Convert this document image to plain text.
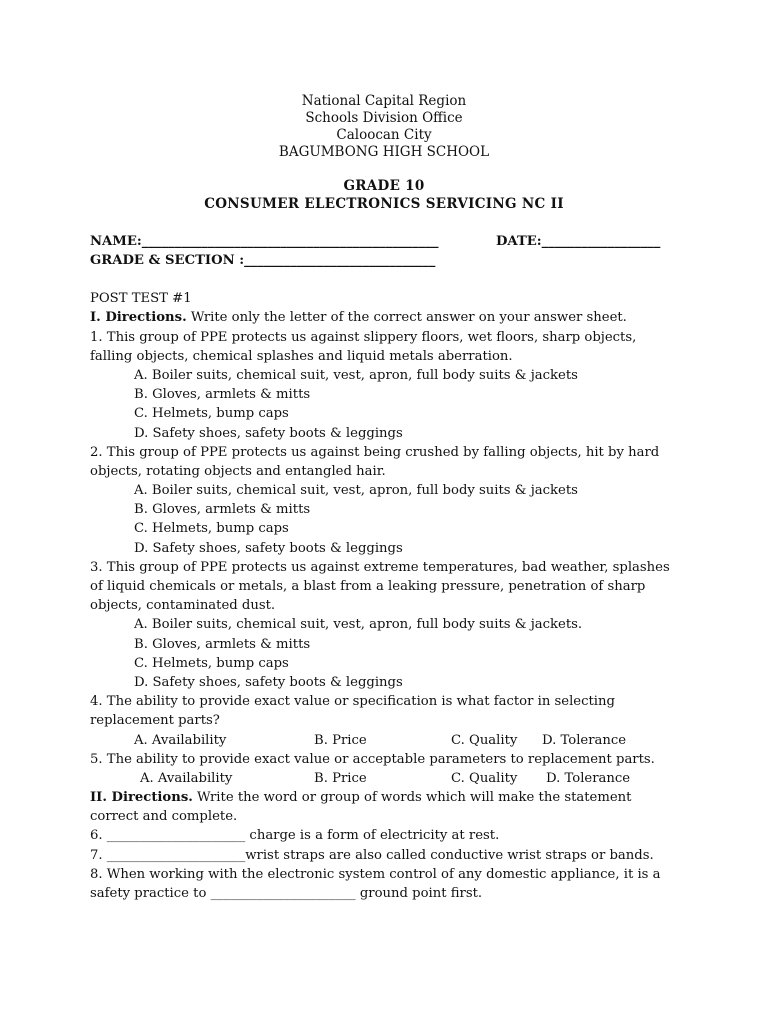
National Capital Region
Schools Division Office
Caloocan City
BAGUMBONG HIGH SCHOOL
GRADE 10
CONSUMER ELECTRONICS SERVICING NC II
NAME:_____________________________________________	DATE:__________________
GRADE & SECTION :_____________________________
POST TEST #1
I. Directions. Write only the letter of the correct answer on your answer sheet.
1. This group of PPE protects us against slippery floors, wet floors, sharp objects,
falling objects, chemical splashes and liquid metals aberration.
A. Boiler suits, chemical suit, vest, apron, full body suits & jackets
B. Gloves, armlets & mitts
C. Helmets, bump caps
D. Safety shoes, safety boots & leggings
2. This group of PPE protects us against being crushed by falling objects, hit by hard
objects, rotating objects and entangled hair.
A. Boiler suits, chemical suit, vest, apron, full body suits & jackets
B. Gloves, armlets & mitts
C. Helmets, bump caps
D. Safety shoes, safety boots & leggings
3. This group of PPE protects us against extreme temperatures, bad weather, splashes
of liquid chemicals or metals, a blast from a leaking pressure, penetration of sharp
objects, contaminated dust.
A. Boiler suits, chemical suit, vest, apron, full body suits & jackets.
B. Gloves, armlets & mitts
C. Helmets, bump caps
D. Safety shoes, safety boots & leggings
4. The ability to provide exact value or specification is what factor in selecting
replacement parts?
A. Availability	B. Price	C. Quality D. Tolerance
5. The ability to provide exact value or acceptable parameters to replacement parts.
A. Availability	B. Price	C. Quality D. Tolerance
II. Directions. Write the word or group of words which will make the statement
correct and complete.
6. _____________________ charge is a form of electricity at rest.
7. _____________________wrist straps are also called conductive wrist straps or bands.
8. When working with the electronic system control of any domestic appliance, it is a
safety practice to ______________________ ground point first.
